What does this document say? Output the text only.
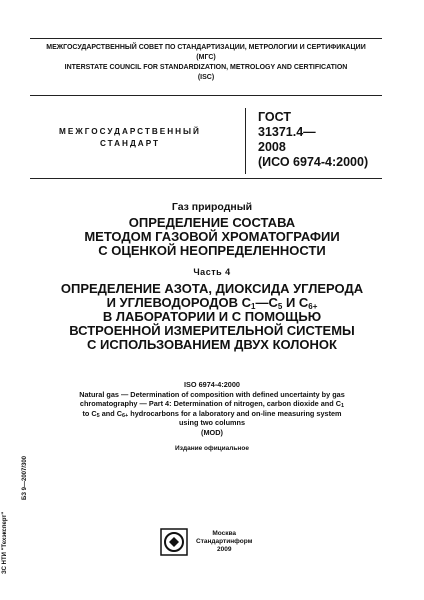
МЕЖГОСУДАРСТВЕННЫЙ СОВЕТ ПО СТАНДАРТИЗАЦИИ, МЕТРОЛОГИИ И СЕРТИФИКАЦИИ
(МГС)
INTERSTATE COUNCIL FOR STANDARDIZATION, METROLOGY AND CERTIFICATION
(ISC)
МЕЖГОСУДАРСТВЕННЫЙ
СТАНДАРТ
ГОСТ
31371.4—
2008
(ИСО 6974-4:2000)
Газ природный
ОПРЕДЕЛЕНИЕ СОСТАВА
МЕТОДОМ ГАЗОВОЙ ХРОМАТОГРАФИИ
С ОЦЕНКОЙ НЕОПРЕДЕЛЕННОСТИ
Часть 4
ОПРЕДЕЛЕНИЕ АЗОТА, ДИОКСИДА УГЛЕРОДА
И УГЛЕВОДОРОДОВ $C_1—C_5$ И $C_{6+}$
В ЛАБОРАТОРИИ И С ПОМОЩЬЮ
ВСТРОЕННОЙ ИЗМЕРИТЕЛЬНОЙ СИСТЕМЫ
С ИСПОЛЬЗОВАНИЕМ ДВУХ КОЛОНОК
ISO 6974-4:2000
Natural gas — Determination of composition with defined uncertainty by gas
chromatography — Part 4: Determination of nitrogen, carbon dioxide and $C_1$
to $C_5$ and $C_{6+}$ hydrocarbons for a laboratory and on-line measuring system
using two columns
(MOD)
Издание официальное
БЗ 9—2007/300
ЗС НТИ "Техэксперт"	Москва
Стандартинформ
2009
